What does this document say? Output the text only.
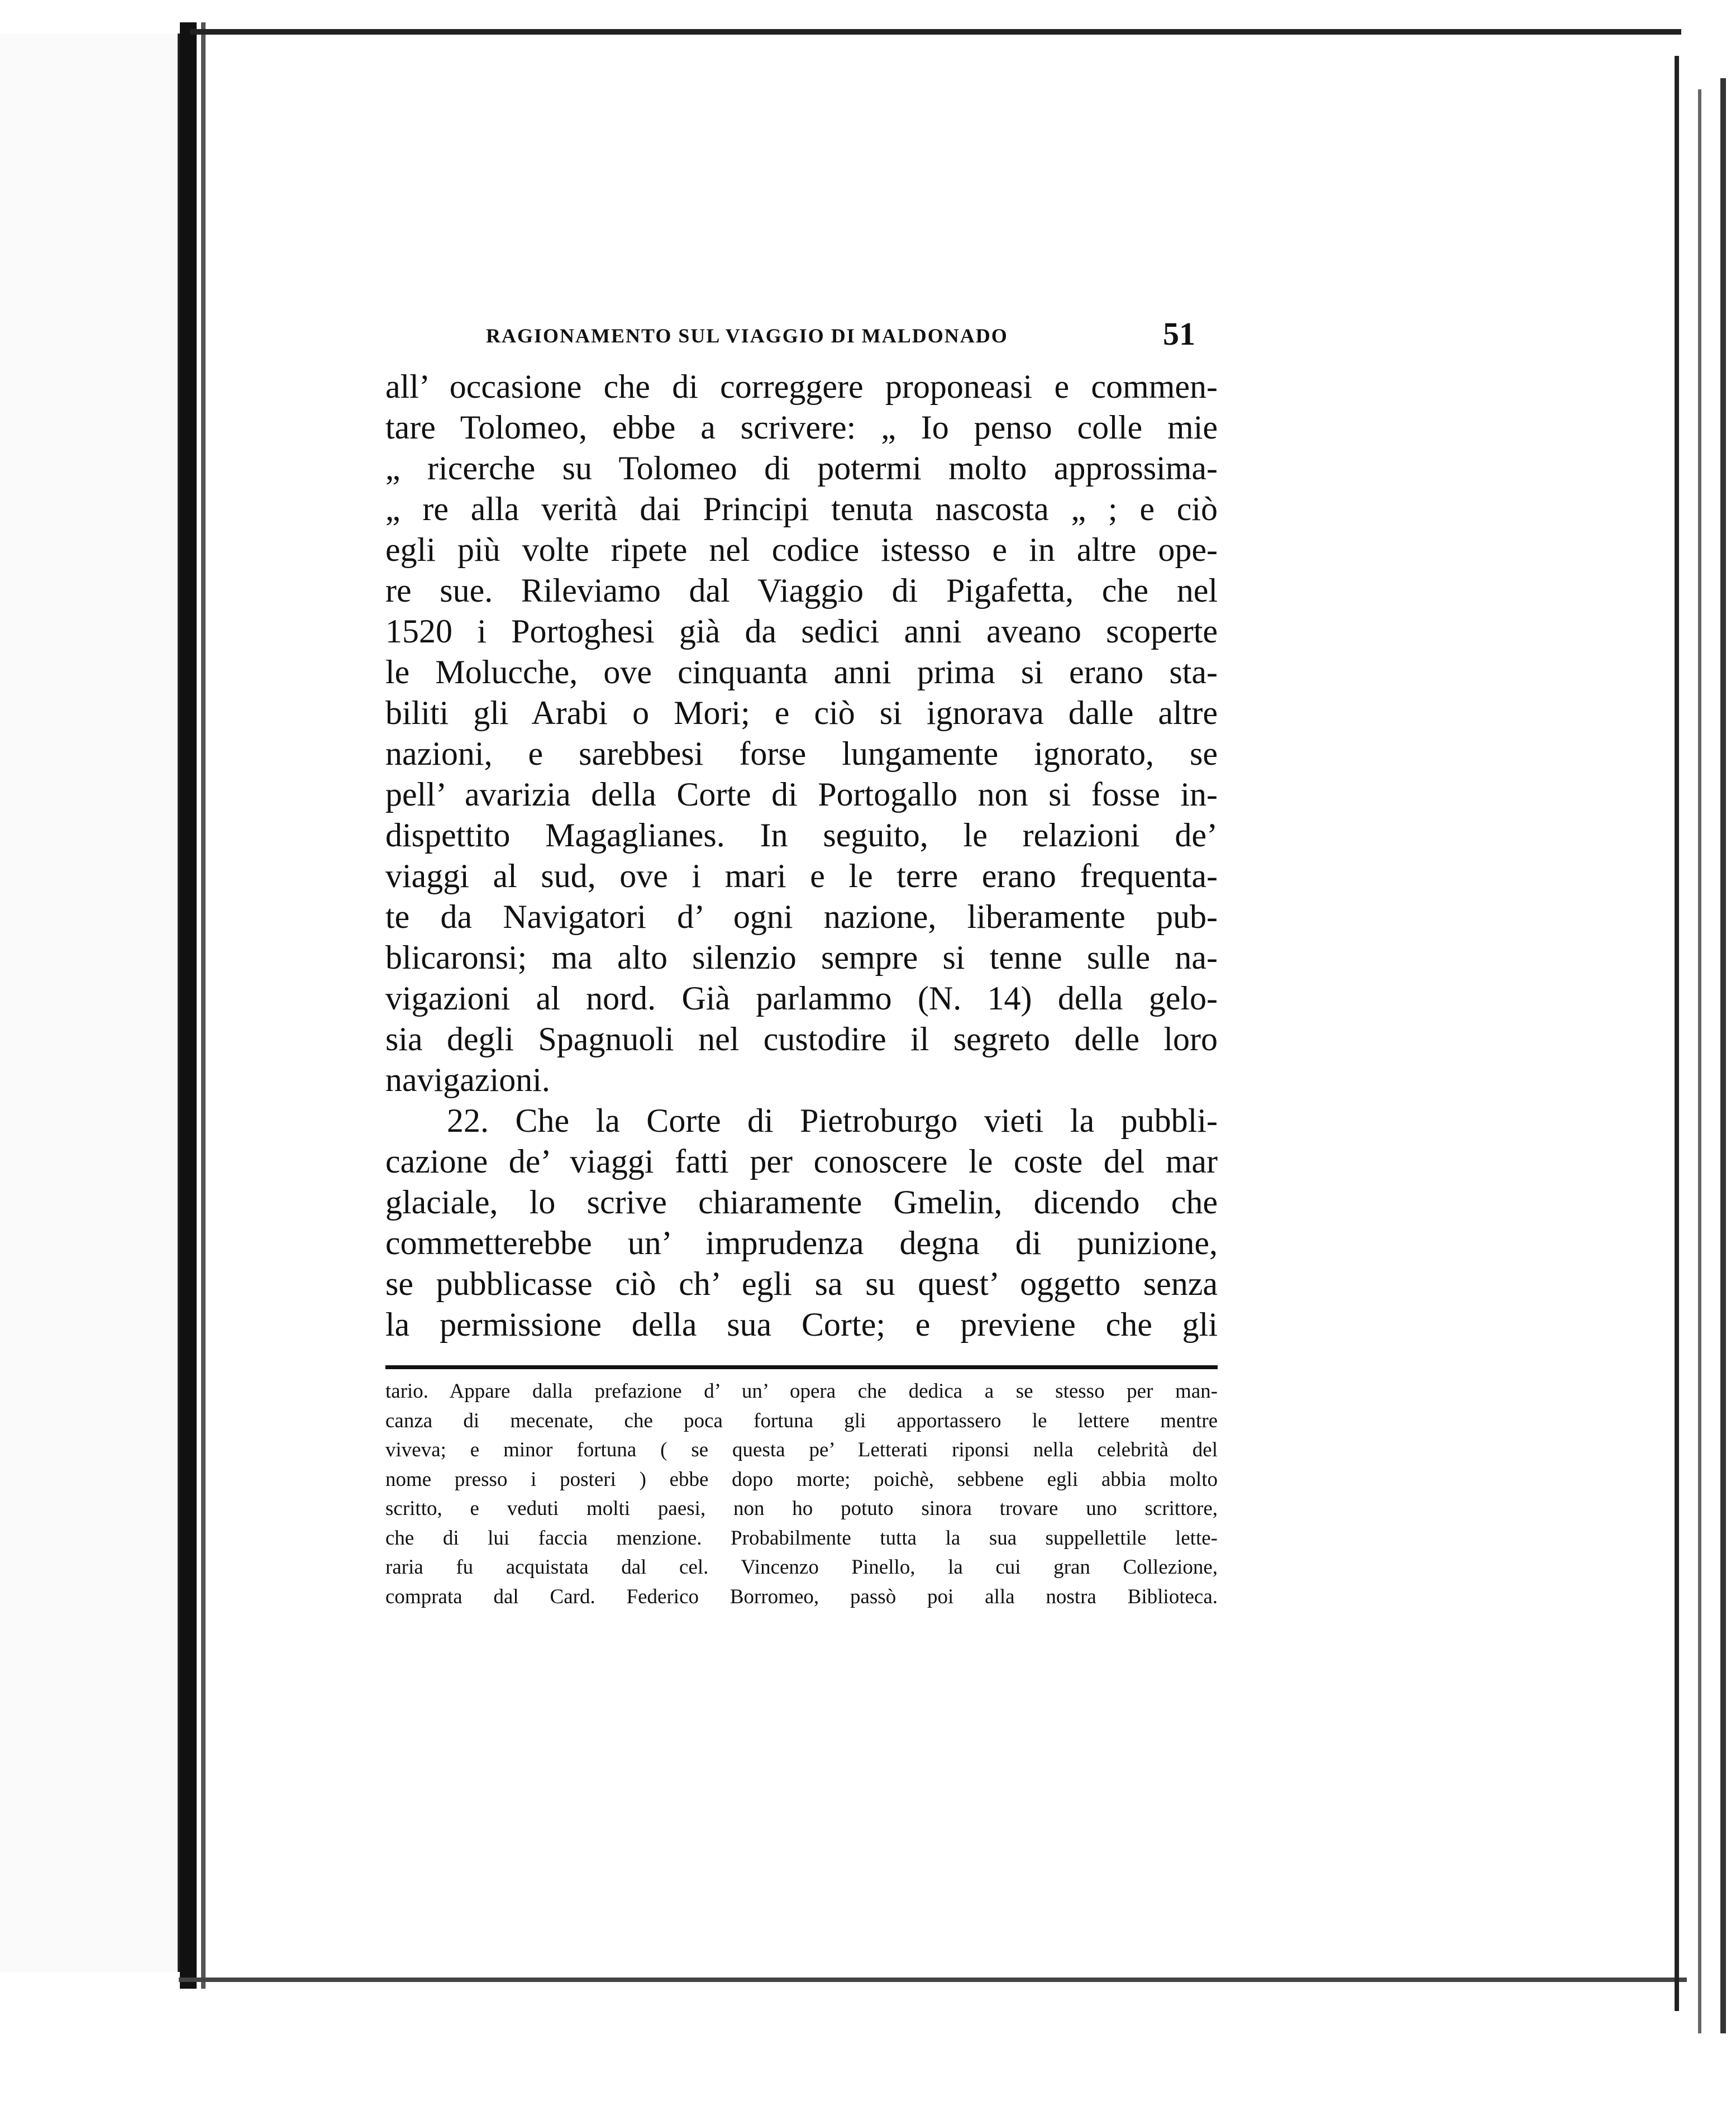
RAGIONAMENTO SUL VIAGGIO DI MALDONADO	51
all’ occasione che di correggere proponeasi e commen-
tare Tolomeo, ebbe a scrivere: „ Io penso colle mie
„ ricerche su Tolomeo di potermi molto approssima-
„ re alla verità dai Principi tenuta nascosta „ ; e ciò
egli più volte ripete nel codice istesso e in altre ope-
re sue. Rileviamo dal Viaggio di Pigafetta, che nel
1520 i Portoghesi già da sedici anni aveano scoperte
le Molucche, ove cinquanta anni prima si erano sta-
biliti gli Arabi o Mori; e ciò si ignorava dalle altre
nazioni, e sarebbesi forse lungamente ignorato, se
pell’ avarizia della Corte di Portogallo non si fosse in-
dispettito Magaglianes. In seguito, le relazioni de’
viaggi al sud, ove i mari e le terre erano frequenta-
te da Navigatori d’ ogni nazione, liberamente pub-
blicaronsi; ma alto silenzio sempre si tenne sulle na-
vigazioni al nord. Già parlammo (N. 14) della gelo-
sia degli Spagnuoli nel custodire il segreto delle loro
navigazioni.
22. Che la Corte di Pietroburgo vieti la pubbli-
cazione de’ viaggi fatti per conoscere le coste del mar
glaciale, lo scrive chiaramente Gmelin, dicendo che
commetterebbe un’ imprudenza degna di punizione,
se pubblicasse ciò ch’ egli sa su quest’ oggetto senza
la permissione della sua Corte; e previene che gli
tario. Appare dalla prefazione d’ un’ opera che dedica a se stesso per man-
canza di mecenate, che poca fortuna gli apportassero le lettere mentre
viveva; e minor fortuna ( se questa pe’ Letterati riponsi nella celebrità del
nome presso i posteri ) ebbe dopo morte; poichè, sebbene egli abbia molto
scritto, e veduti molti paesi, non ho potuto sinora trovare uno scrittore,
che di lui faccia menzione. Probabilmente tutta la sua suppellettile lette-
raria fu acquistata dal cel. Vincenzo Pinello, la cui gran Collezione,
comprata dal Card. Federico Borromeo, passò poi alla nostra Biblioteca.
